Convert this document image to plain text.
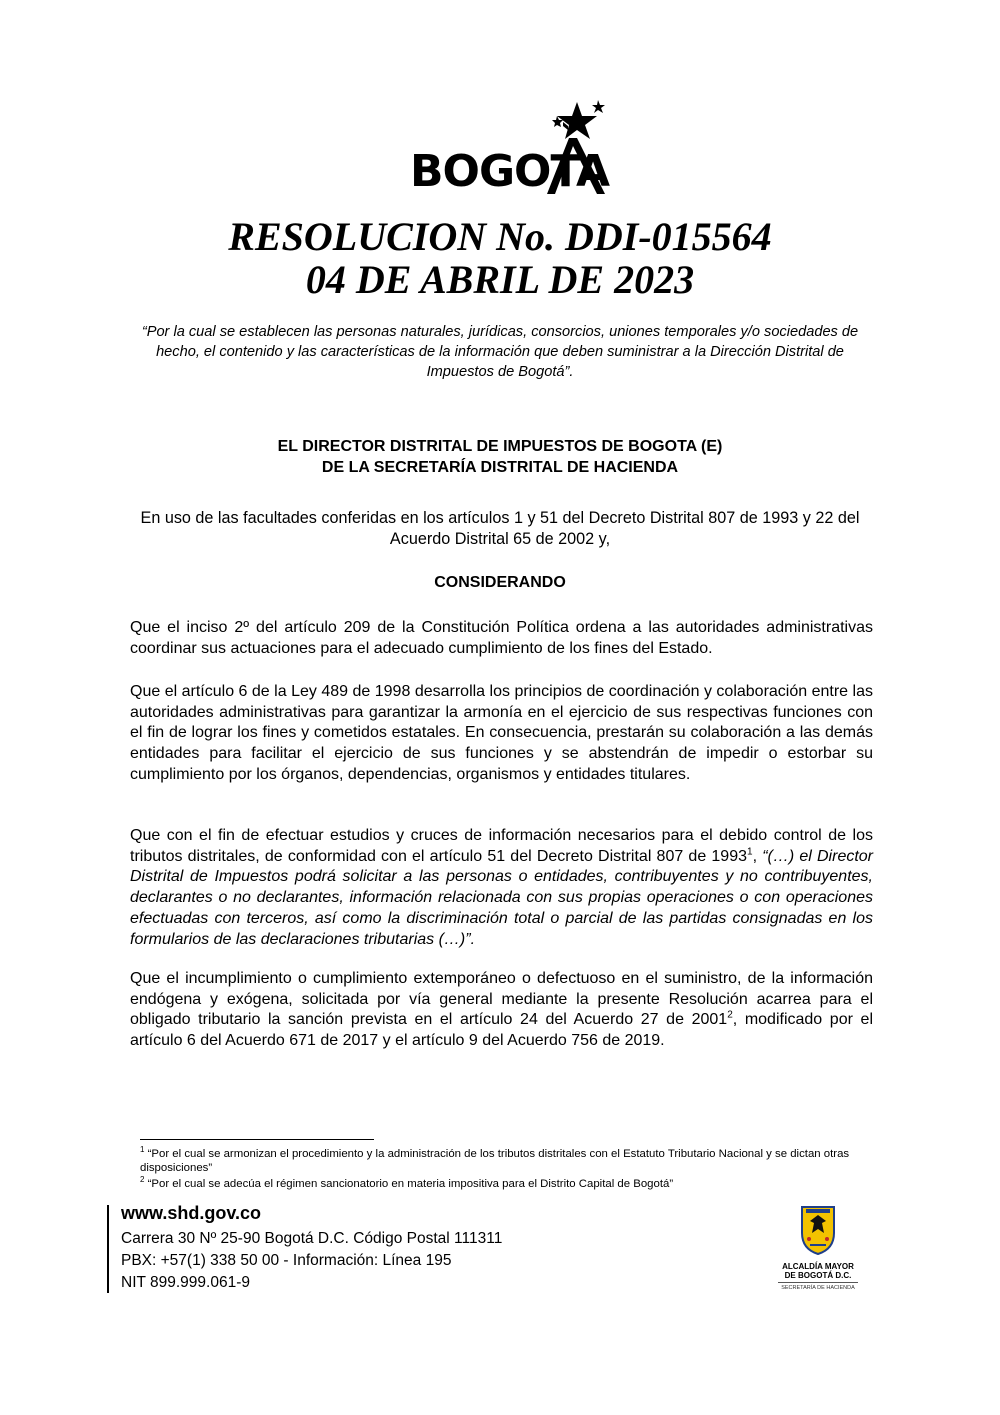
BOGOTA
RESOLUCION No. DDI-015564
04 DE ABRIL DE 2023
“Por la cual se establecen las personas naturales, jurídicas, consorcios, uniones temporales y/o sociedades de hecho, el contenido y las características de la información que deben suministrar a la Dirección Distrital de Impuestos de Bogotá”.
EL DIRECTOR DISTRITAL DE IMPUESTOS DE BOGOTA (E)
DE LA SECRETARÍA DISTRITAL DE HACIENDA
En uso de las facultades conferidas en los artículos 1 y 51 del Decreto Distrital 807 de 1993 y 22 del Acuerdo Distrital 65 de 2002 y,
CONSIDERANDO
Que el inciso 2º del artículo 209 de la Constitución Política ordena a las autoridades administrativas coordinar sus actuaciones para el adecuado cumplimiento de los fines del Estado.
Que el artículo 6 de la Ley 489 de 1998 desarrolla los principios de coordinación y colaboración entre las autoridades administrativas para garantizar la armonía en el ejercicio de sus respectivas funciones con el fin de lograr los fines y cometidos estatales. En consecuencia, prestarán su colaboración a las demás entidades para facilitar el ejercicio de sus funciones y se abstendrán de impedir o estorbar su cumplimiento por los órganos, dependencias, organismos y entidades titulares.
Que con el fin de efectuar estudios y cruces de información necesarios para el debido control de los tributos distritales, de conformidad con el artículo 51 del Decreto Distrital 807 de 1993$^1$, “(…) el Director Distrital de Impuestos podrá solicitar a las personas o entidades, contribuyentes y no contribuyentes, declarantes o no declarantes, información relacionada con sus propias operaciones o con operaciones efectuadas con terceros, así como la discriminación total o parcial de las partidas consignadas en los formularios de las declaraciones tributarias (…)”.
Que el incumplimiento o cumplimiento extemporáneo o defectuoso en el suministro, de la información endógena y exógena, solicitada por vía general mediante la presente Resolución acarrea para el obligado tributario la sanción prevista en el artículo 24 del Acuerdo 27 de 2001$^2$, modificado por el artículo 6 del Acuerdo 671 de 2017 y el artículo 9 del Acuerdo 756 de 2019.
$^1$ “Por el cual se armonizan el procedimiento y la administración de los tributos distritales con el Estatuto Tributario Nacional y se dictan otras disposiciones”
$^2$ “Por el cual se adecúa el régimen sancionatorio en materia impositiva para el Distrito Capital de Bogotá”
www.shd.gov.co
Carrera 30 Nº 25-90 Bogotá D.C. Código Postal 111311
PBX: +57(1) 338 50 00 - Información: Línea 195
NIT 899.999.061-9
ALCALDÍA MAYOR
DE BOGOTÁ D.C.
SECRETARÍA DE HACIENDA
